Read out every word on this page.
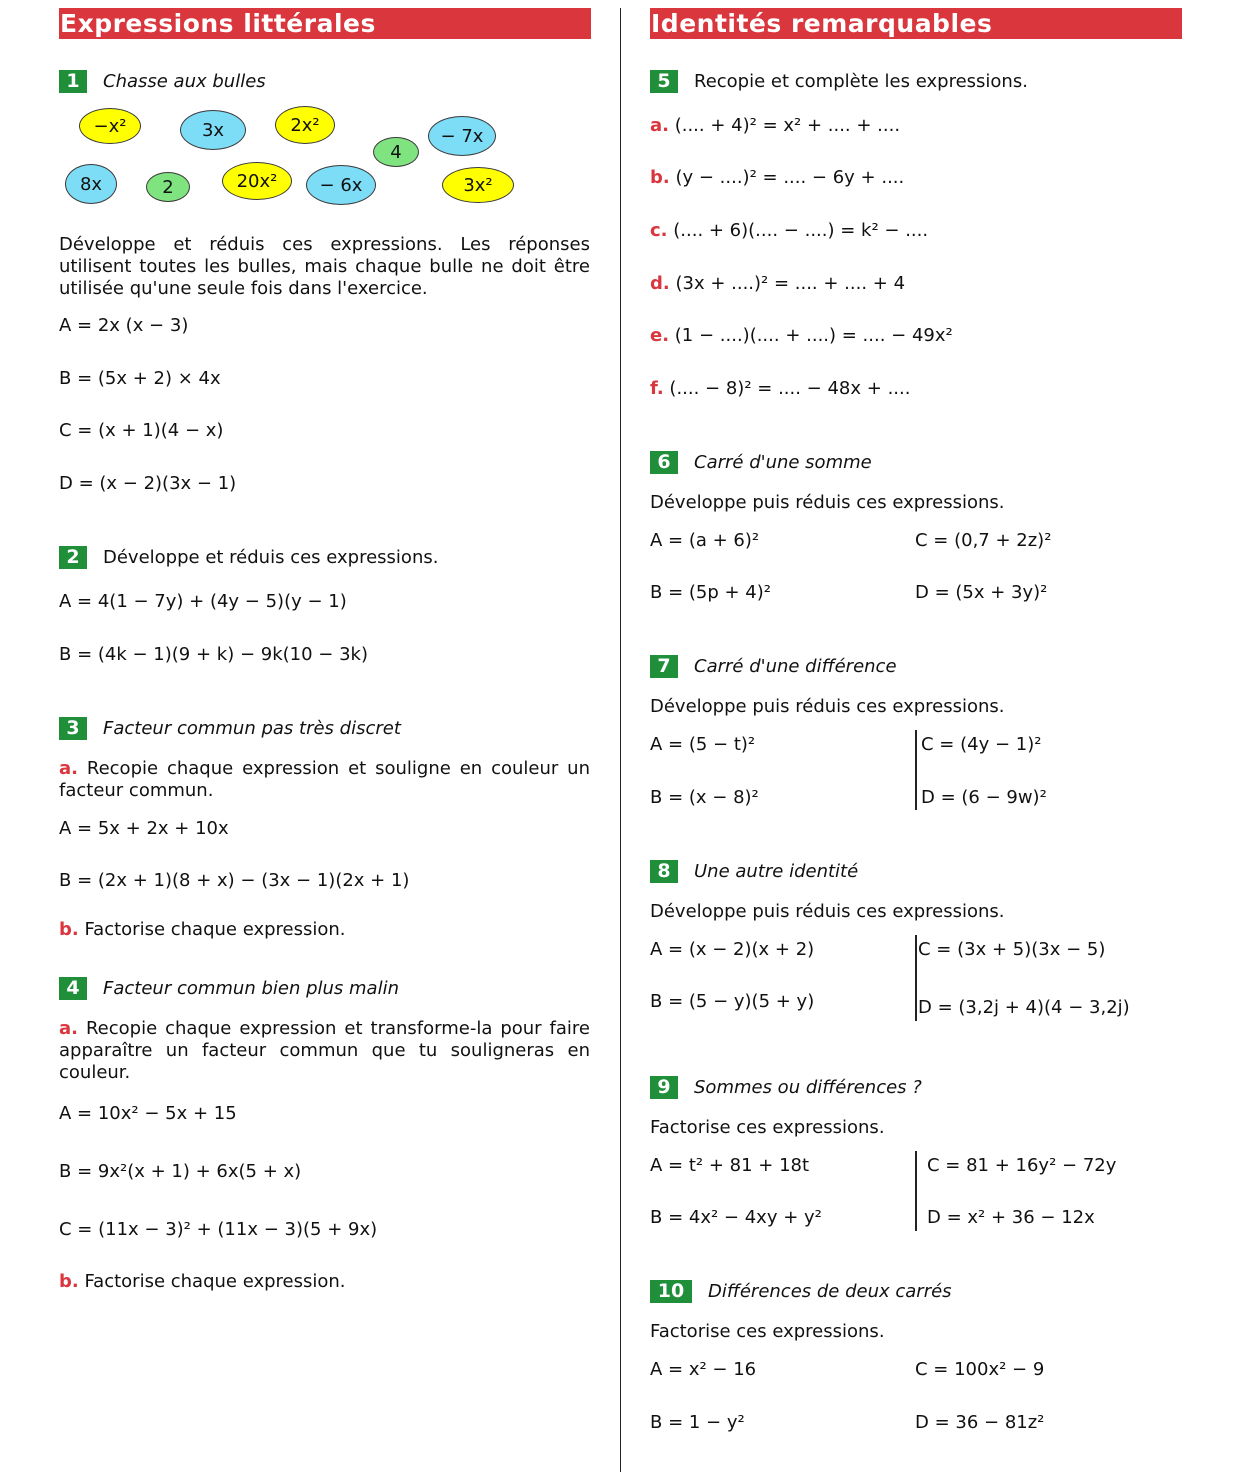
Expressions littérales
1	Chasse aux bulles
−x²	3x	2x²
4
− 7x
8x	2	20x²	− 6x	3x²
Développe et réduis ces expressions. Les réponses utilisent toutes les bulles, mais chaque bulle ne doit être utilisée qu'une seule fois dans l'exercice.
A = 2x (x − 3)
B = (5x + 2) × 4x
C = (x + 1)(4 − x)
D = (x − 2)(3x − 1)
2	Développe et réduis ces expressions.
A = 4(1 − 7y) + (4y − 5)(y − 1)
B = (4k − 1)(9 + k) − 9k(10 − 3k)
3	Facteur commun pas très discret
a. Recopie chaque expression et souligne en couleur un facteur commun.
A = 5x + 2x + 10x
B = (2x + 1)(8 + x) − (3x − 1)(2x + 1)
b. Factorise chaque expression.
4	Facteur commun bien plus malin
a. Recopie chaque expression et transforme-la pour faire apparaître un facteur commun que tu souligneras en couleur.
A = 10x² − 5x + 15
B = 9x²(x + 1) + 6x(5 + x)
C = (11x − 3)² + (11x − 3)(5 + 9x)
b. Factorise chaque expression.
Identités remarquables
5	Recopie et complète les expressions.
a. (.... + 4)² = x² + .... + ....
b. (y − ....)² = .... − 6y + ....
c. (.... + 6)(.... − ....) = k² − ....
d. (3x + ....)² = .... + .... + 4
e. (1 − ....)(.... + ....) = .... − 49x²
f. (.... − 8)² = .... − 48x + ....
6	Carré d'une somme
Développe puis réduis ces expressions.
A = (a + 6)²	C = (0,7 + 2z)²
B = (5p + 4)²	D = (5x + 3y)²
7	Carré d'une différence
Développe puis réduis ces expressions.
A = (5 − t)²	C = (4y − 1)²
B = (x − 8)²	D = (6 − 9w)²
8	Une autre identité
Développe puis réduis ces expressions.
A = (x − 2)(x + 2)	C = (3x + 5)(3x − 5)
B = (5 − y)(5 + y)	D = (3,2j + 4)(4 − 3,2j)
9	Sommes ou différences ?
Factorise ces expressions.
A = t² + 81 + 18t	C = 81 + 16y² − 72y
B = 4x² − 4xy + y²	D = x² + 36 − 12x
10	Différences de deux carrés
Factorise ces expressions.
A = x² − 16	C = 100x² − 9
B = 1 − y²	D = 36 − 81z²
